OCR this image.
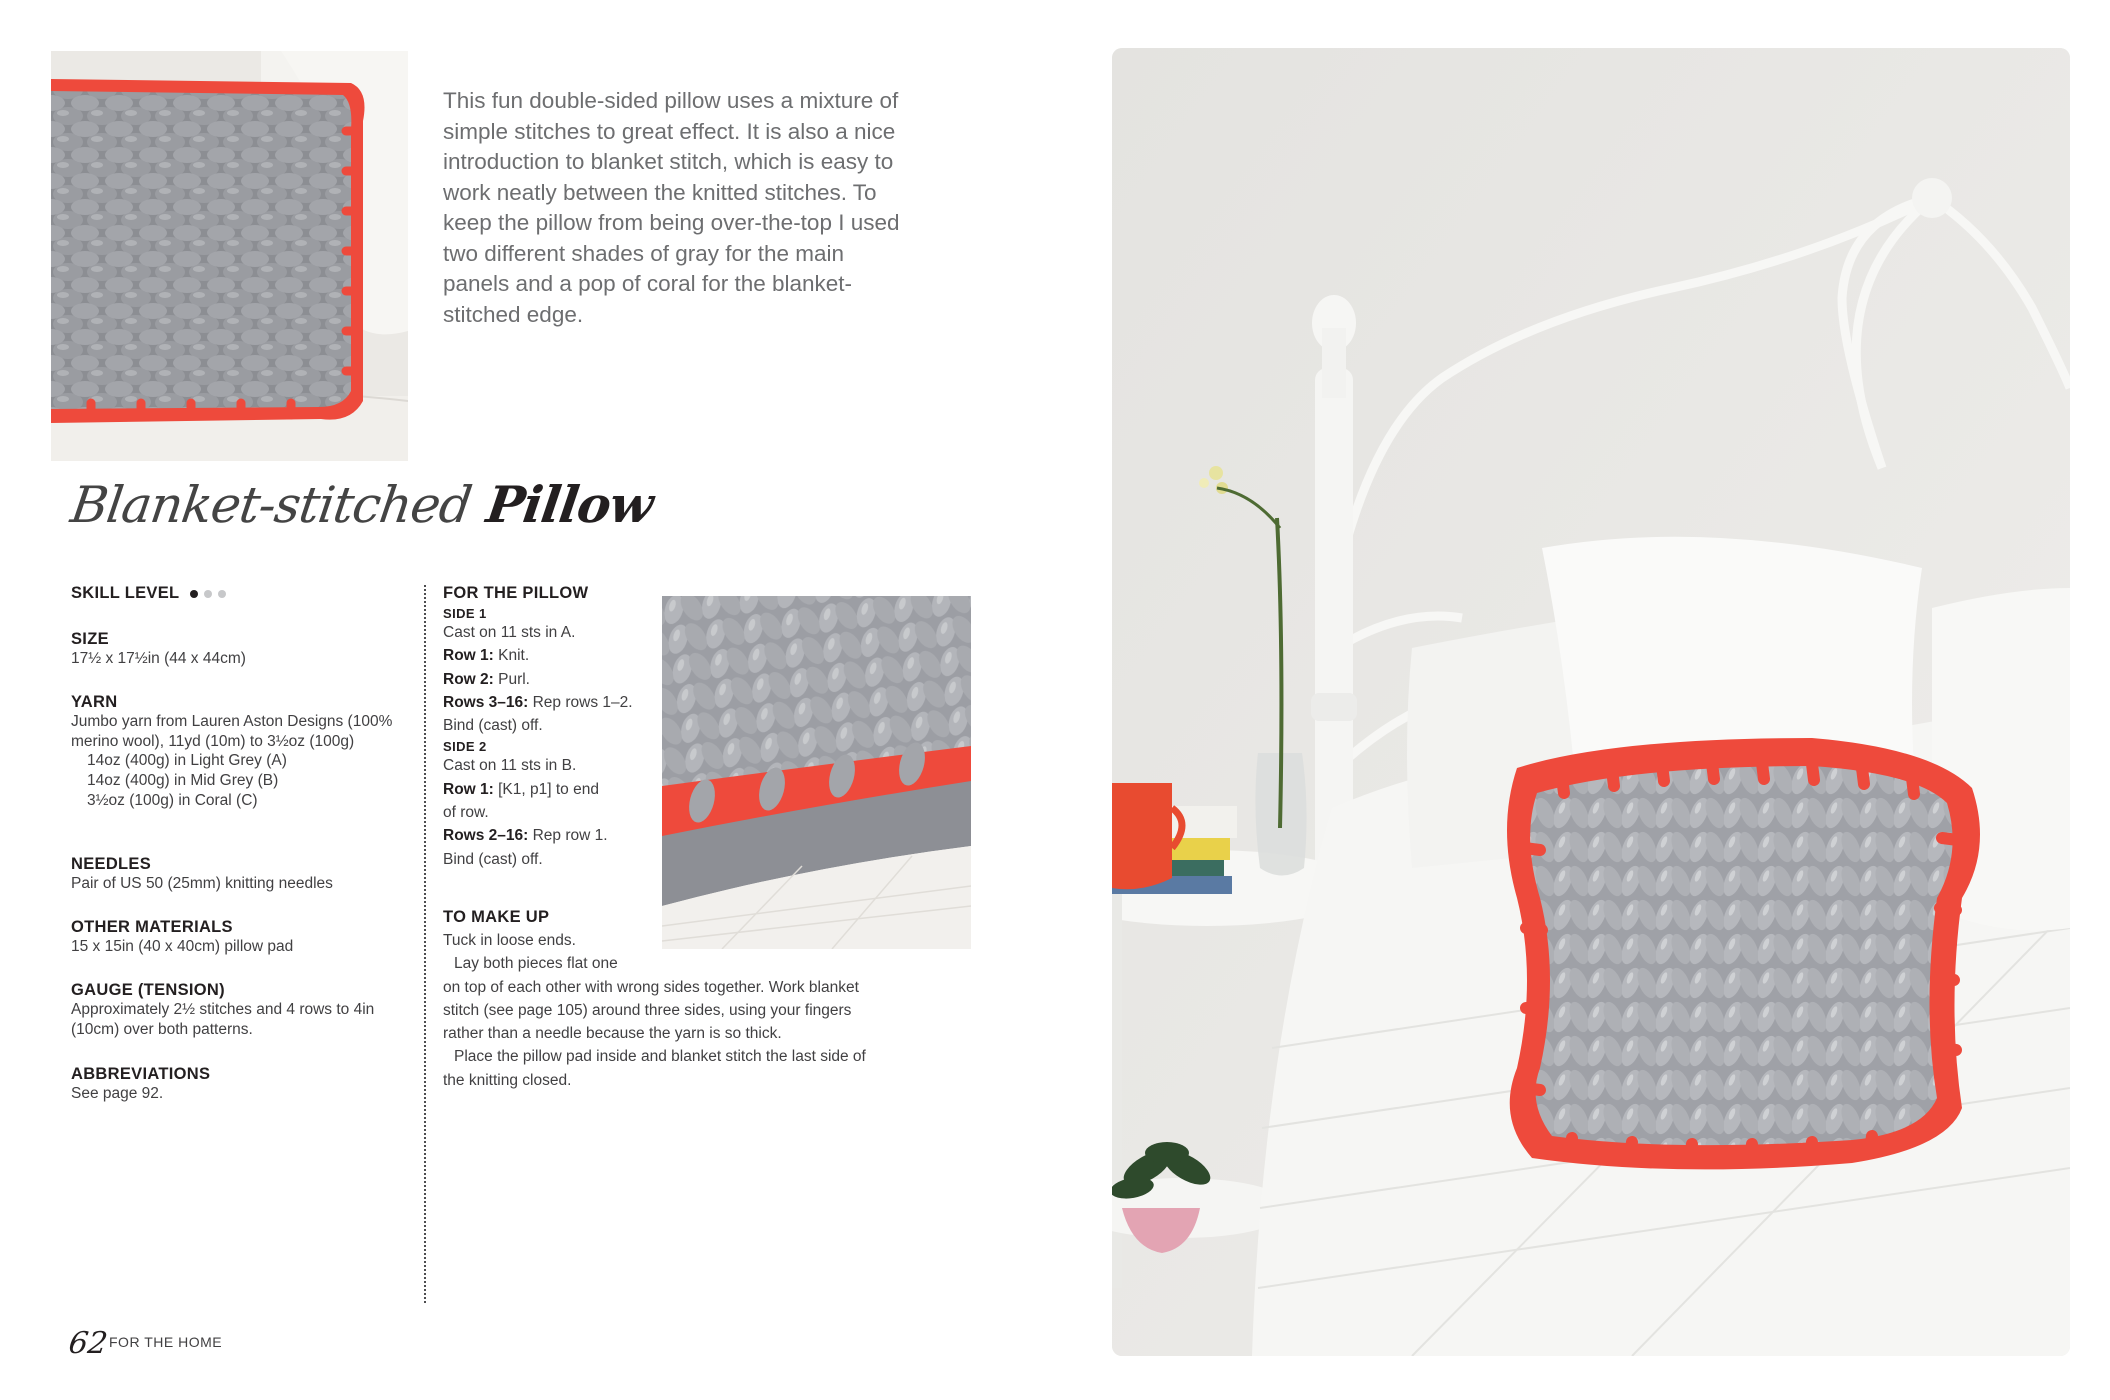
This fun double-sided pillow uses a mixture of simple stitches to great effect. It is also a nice introduction to blanket stitch, which is easy to work neatly between the knitted stitches. To keep the pillow from being over-the-top I used two different shades of gray for the main panels and a pop of coral for the blanket-stitched edge.

Blanket-stitched Pillow

SKILL LEVEL

SIZE

17½ x 17½in (44 x 44cm)

YARN

Jumbo yarn from Lauren Aston Designs (100% merino wool), 11yd (10m) to 3½oz (100g)

14oz (400g) in Light Grey (A)

14oz (400g) in Mid Grey (B)

3½oz (100g) in Coral (C)

NEEDLES

Pair of US 50 (25mm) knitting needles

OTHER MATERIALS

15 x 15in (40 x 40cm) pillow pad

GAUGE (TENSION)

Approximately 2½ stitches and 4 rows to 4in (10cm) over both patterns.

ABBREVIATIONS

See page 92.

FOR THE PILLOW

SIDE 1

Cast on 11 sts in A.

Row 1: Knit.

Row 2: Purl.

Rows 3–16: Rep rows 1–2.

Bind (cast) off.

SIDE 2

Cast on 11 sts in B.

Row 1: [K1, p1] to end

of row.

Rows 2–16: Rep row 1.

Bind (cast) off.

TO MAKE UP

Tuck in loose ends.

Lay both pieces flat one

on top of each other with wrong sides together. Work blanket

stitch (see page 105) around three sides, using your fingers

rather than a needle because the yarn is so thick.

Place the pillow pad inside and blanket stitch the last side of

the knitting closed.

62 FOR THE HOME
